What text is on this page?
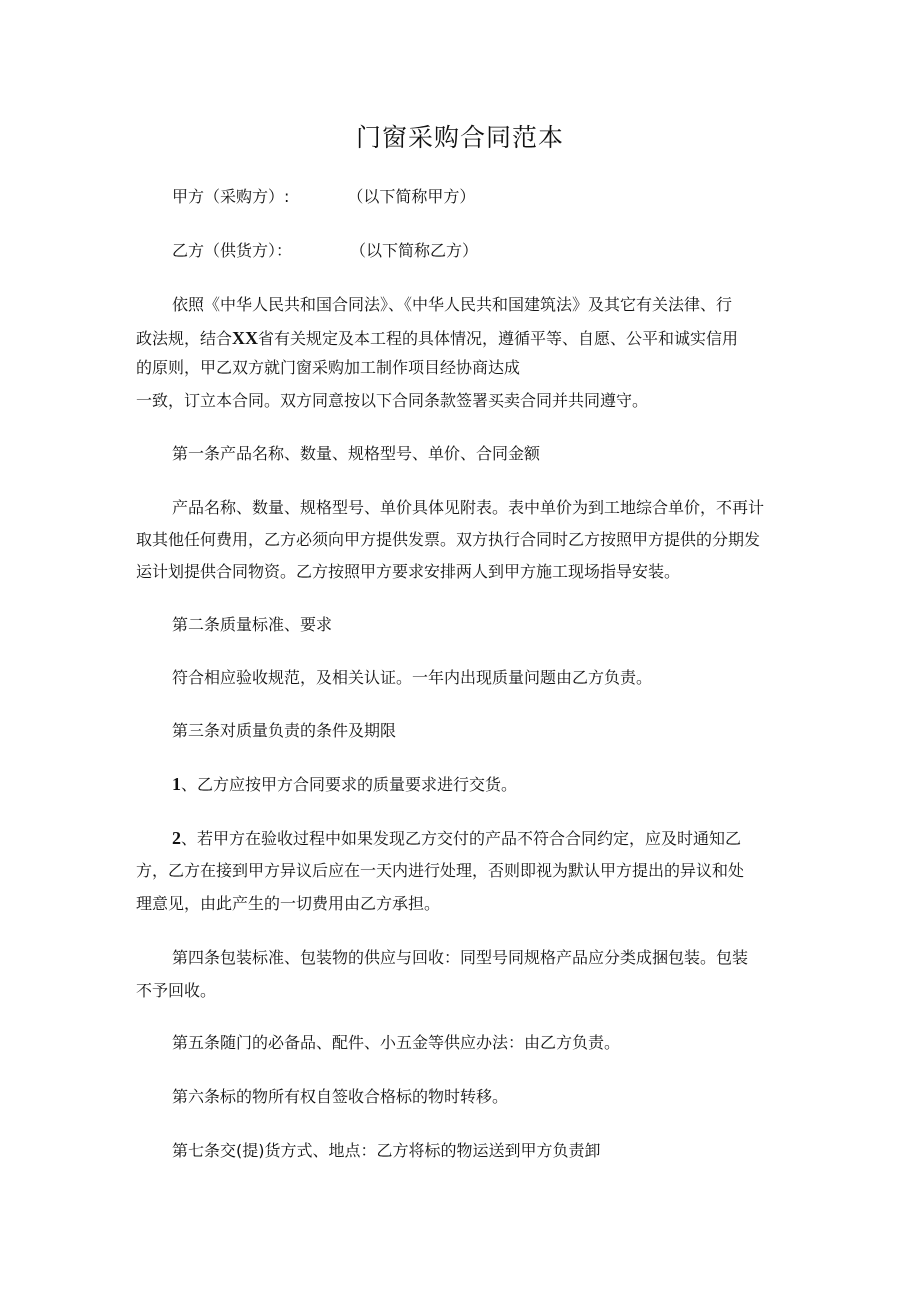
门窗采购合同范本

甲方（采购方）:	（以下简称甲方）

乙方（供货方）：	（以下简称乙方）

依照《中华人民共和国合同法》、《中华人民共和国建筑法》及其它有关法律、行

政法规，结合XX省有关规定及本工程的具体情况，遵循平等、自愿、公平和诚实信用

的原则，甲乙双方就门窗采购加工制作项目经协商达成

一致，订立本合同。双方同意按以下合同条款签署买卖合同并共同遵守。

第一条产品名称、数量、规格型号、单价、合同金额

产品名称、数量、规格型号、单价具体见附表。表中单价为到工地综合单价，不再计

取其他任何费用，乙方必须向甲方提供发票。双方执行合同时乙方按照甲方提供的分期发

运计划提供合同物资。乙方按照甲方要求安排两人到甲方施工现场指导安装。

第二条质量标准、要求

符合相应验收规范，及相关认证。一年内出现质量问题由乙方负责。

第三条对质量负责的条件及期限

1、乙方应按甲方合同要求的质量要求进行交货。

2、若甲方在验收过程中如果发现乙方交付的产品不符合合同约定，应及时通知乙

方，乙方在接到甲方异议后应在一天内进行处理，否则即视为默认甲方提出的异议和处

理意见，由此产生的一切费用由乙方承担。

第四条包装标准、包装物的供应与回收：同型号同规格产品应分类成捆包装。包装

不予回收。

第五条随门的必备品、配件、小五金等供应办法：由乙方负责。

第六条标的物所有权自签收合格标的物时转移。

第七条交(提)货方式、地点：乙方将标的物运送到甲方负责卸
